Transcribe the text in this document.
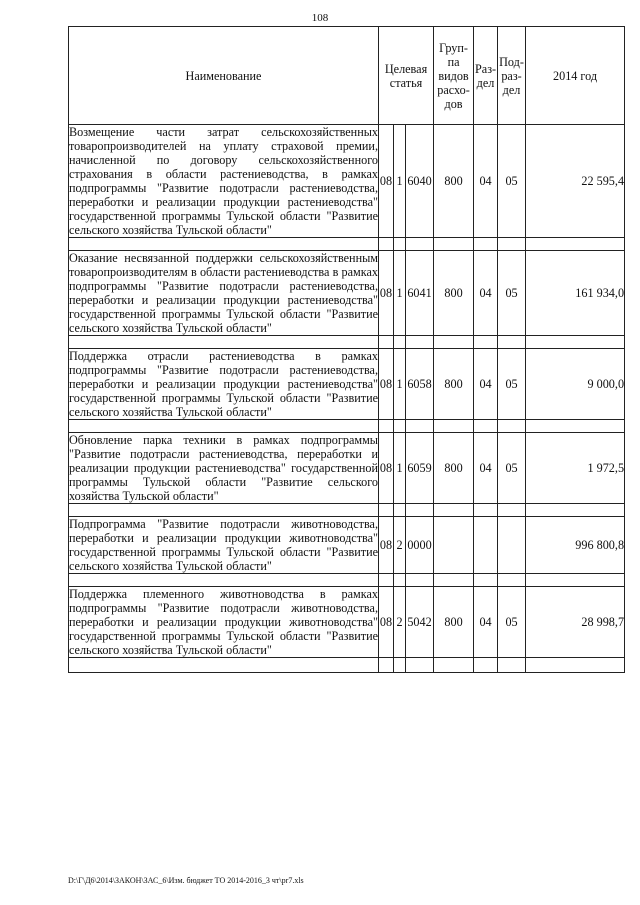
108
Наименование	Целевая статья			Груп-па видов расхо-дов	Раз-дел	Под-раз-дел	2014 год
Возмещение части затрат сельскохозяйственных товаропроизводителей на уплату страховой премии, начисленной по договору сельскохозяйственного страхования в области растениеводства, в рамках подпрограммы "Развитие подотрасли растениеводства, переработки и реализации продукции растениеводства" государственной программы Тульской области "Развитие сельского хозяйства Тульской области"	08	1	6040	800	04	05	22 595,4

Оказание несвязанной поддержки сельскохозяйственным товаропроизводителям в области растениеводства в рамках подпрограммы "Развитие подотрасли растениеводства, переработки и реализации продукции растениеводства" государственной программы Тульской области "Развитие сельского хозяйства Тульской области"	08	1	6041	800	04	05	161 934,0

Поддержка отрасли растениеводства в рамках подпрограммы "Развитие подотрасли растениеводства, переработки и реализации продукции растениеводства" государственной программы Тульской области "Развитие сельского хозяйства Тульской области"	08	1	6058	800	04	05	9 000,0

Обновление парка техники в рамках подпрограммы "Развитие подотрасли растениеводства, переработки и реализации продукции растениеводства" государственной программы Тульской области "Развитие сельского хозяйства Тульской области"	08	1	6059	800	04	05	1 972,5

Подпрограмма "Развитие подотрасли животноводства, переработки и реализации продукции животноводства" государственной программы Тульской области "Развитие сельского хозяйства Тульской области"	08	2	0000				996 800,8

Поддержка племенного животноводства в рамках подпрограммы "Развитие подотрасли животноводства, переработки и реализации продукции животноводства" государственной программы Тульской области "Развитие сельского хозяйства Тульской области"	08	2	5042	800	04	05	28 998,7

D:\Г\Д6\2014\ЗАКОН\ЗАС_6\Изм. бюджет ТО 2014-2016_3 чт\pr7.xls
